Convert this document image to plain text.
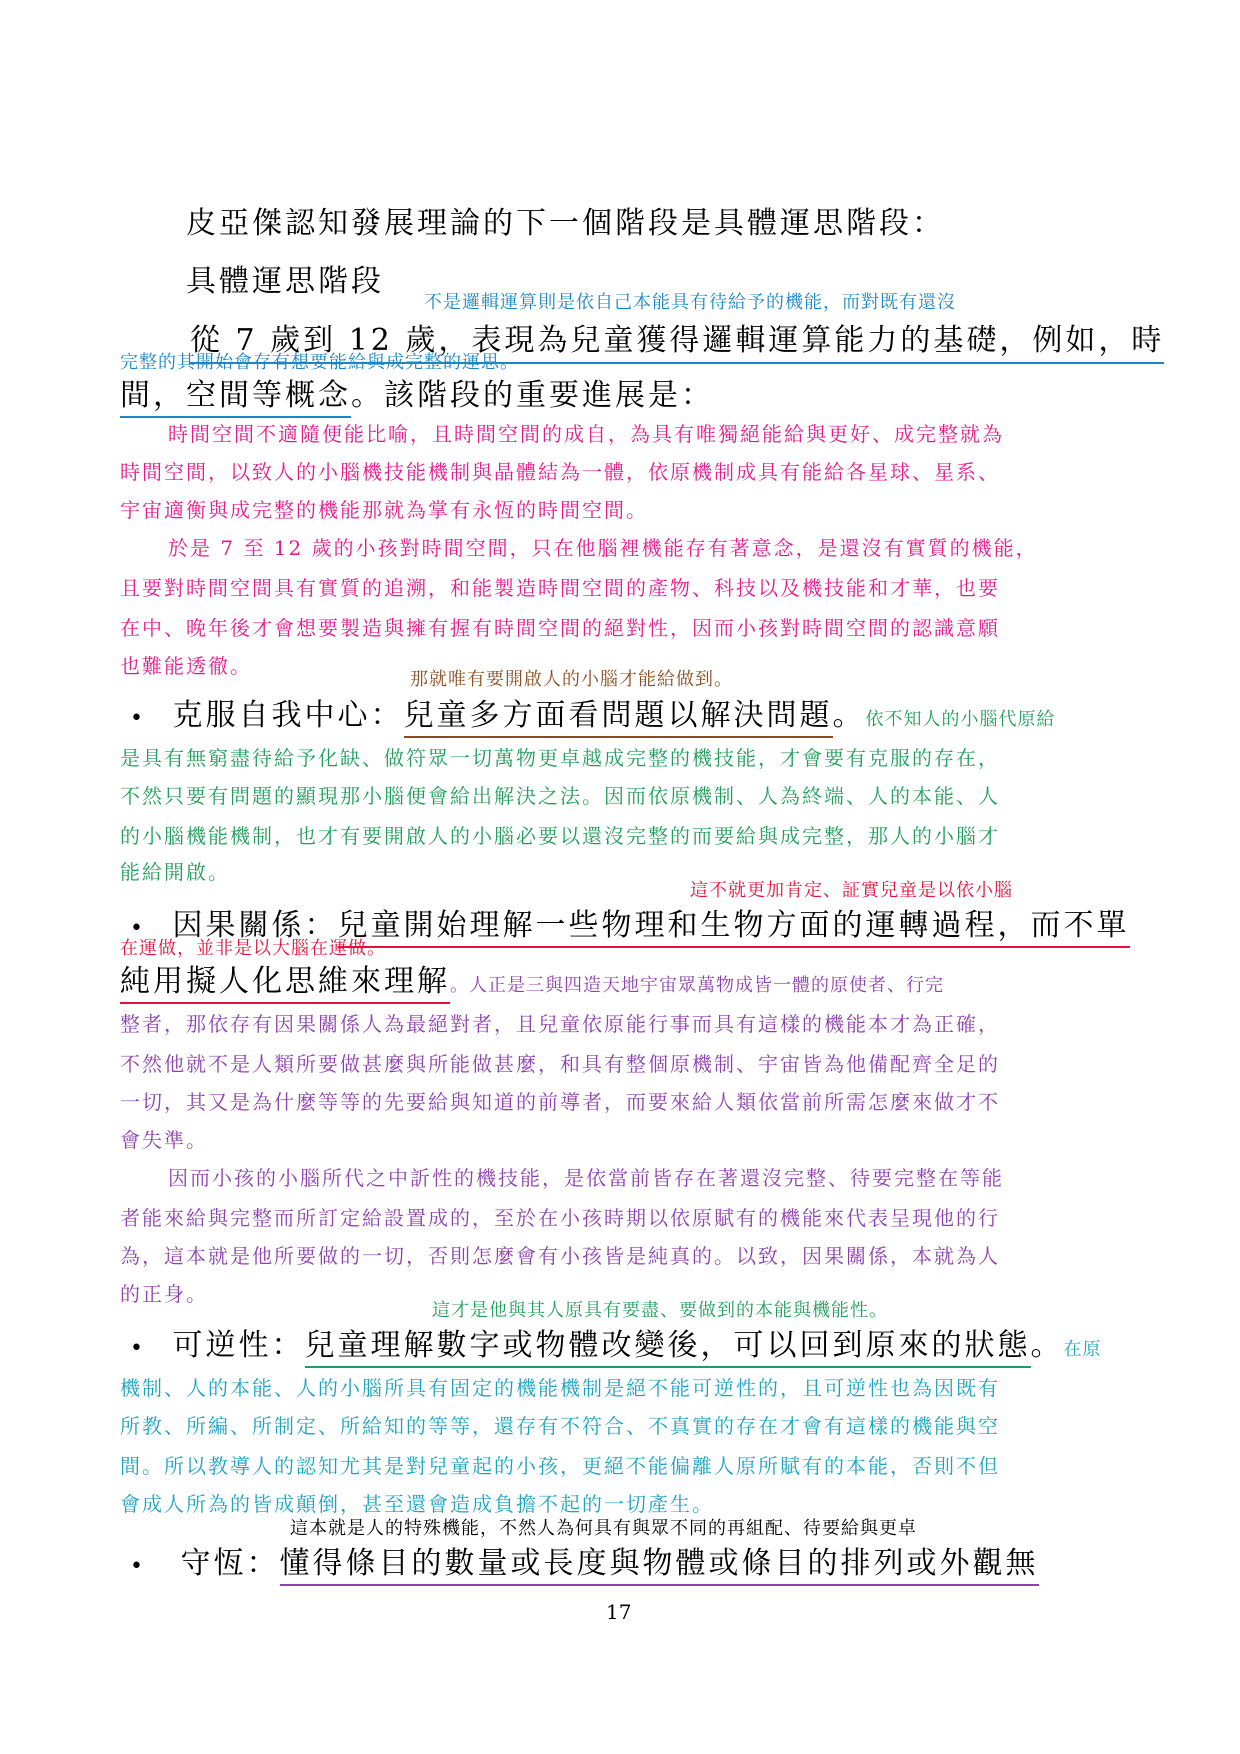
皮亞傑認知發展理論的下一個階段是具體運思階段：
具體運思階段
不是邏輯運算則是依自己本能具有待給予的機能，而對既有還沒
從 7 歲到 12 歲，表現為兒童獲得邏輯運算能力的基礎，例如，時
完整的其開始會存有想要能給與成完整的運思。
間，空間等概念。該階段的重要進展是：
時間空間不適隨便能比喻，且時間空間的成自，為具有唯獨絕能給與更好、成完整就為
時間空間，以致人的小腦機技能機制與晶體結為一體，依原機制成具有能給各星球、星系、
宇宙適衡與成完整的機能那就為掌有永恆的時間空間。
於是 7 至 12 歲的小孩對時間空間，只在他腦裡機能存有著意念，是還沒有實質的機能，
且要對時間空間具有實質的追溯，和能製造時間空間的產物、科技以及機技能和才華，也要
在中、晚年後才會想要製造與擁有握有時間空間的絕對性，因而小孩對時間空間的認識意願
也難能透徹。
那就唯有要開啟人的小腦才能給做到。
• 克服自我中心：兒童多方面看問題以解決問題。依不知人的小腦代原給
是具有無窮盡待給予化缺、做符眾一切萬物更卓越成完整的機技能，才會要有克服的存在，
不然只要有問題的顯現那小腦便會給出解決之法。因而依原機制、人為終端、人的本能、人
的小腦機能機制，也才有要開啟人的小腦必要以還沒完整的而要給與成完整，那人的小腦才
能給開啟。
這不就更加肯定、証實兒童是以依小腦
• 因果關係：兒童開始理解一些物理和生物方面的運轉過程，而不單
在運做，並非是以大腦在運做。
純用擬人化思維來理解。人正是三與四造天地宇宙眾萬物成皆一體的原使者、行完
整者，那依存有因果關係人為最絕對者，且兒童依原能行事而具有這樣的機能本才為正確，
不然他就不是人類所要做甚麼與所能做甚麼，和具有整個原機制、宇宙皆為他備配齊全足的
一切，其又是為什麼等等的先要給與知道的前導者，而要來給人類依當前所需怎麼來做才不
會失準。
因而小孩的小腦所代之中訢性的機技能，是依當前皆存在著還沒完整、待要完整在等能
者能來給與完整而所訂定給設置成的，至於在小孩時期以依原賦有的機能來代表呈現他的行
為，這本就是他所要做的一切，否則怎麼會有小孩皆是純真的。以致，因果關係，本就為人
的正身。
這才是他與其人原具有要盡、要做到的本能與機能性。
• 可逆性：兒童理解數字或物體改變後，可以回到原來的狀態。在原
機制、人的本能、人的小腦所具有固定的機能機制是絕不能可逆性的，且可逆性也為因既有
所教、所編、所制定、所給知的等等，還存有不符合、不真實的存在才會有這樣的機能與空
間。所以教導人的認知尤其是對兒童起的小孩，更絕不能偏離人原所賦有的本能，否則不但
會成人所為的皆成顛倒，甚至還會造成負擔不起的一切產生。
這本就是人的特殊機能，不然人為何具有與眾不同的再組配、待要給與更卓
• 守恆：懂得條目的數量或長度與物體或條目的排列或外觀無
17
